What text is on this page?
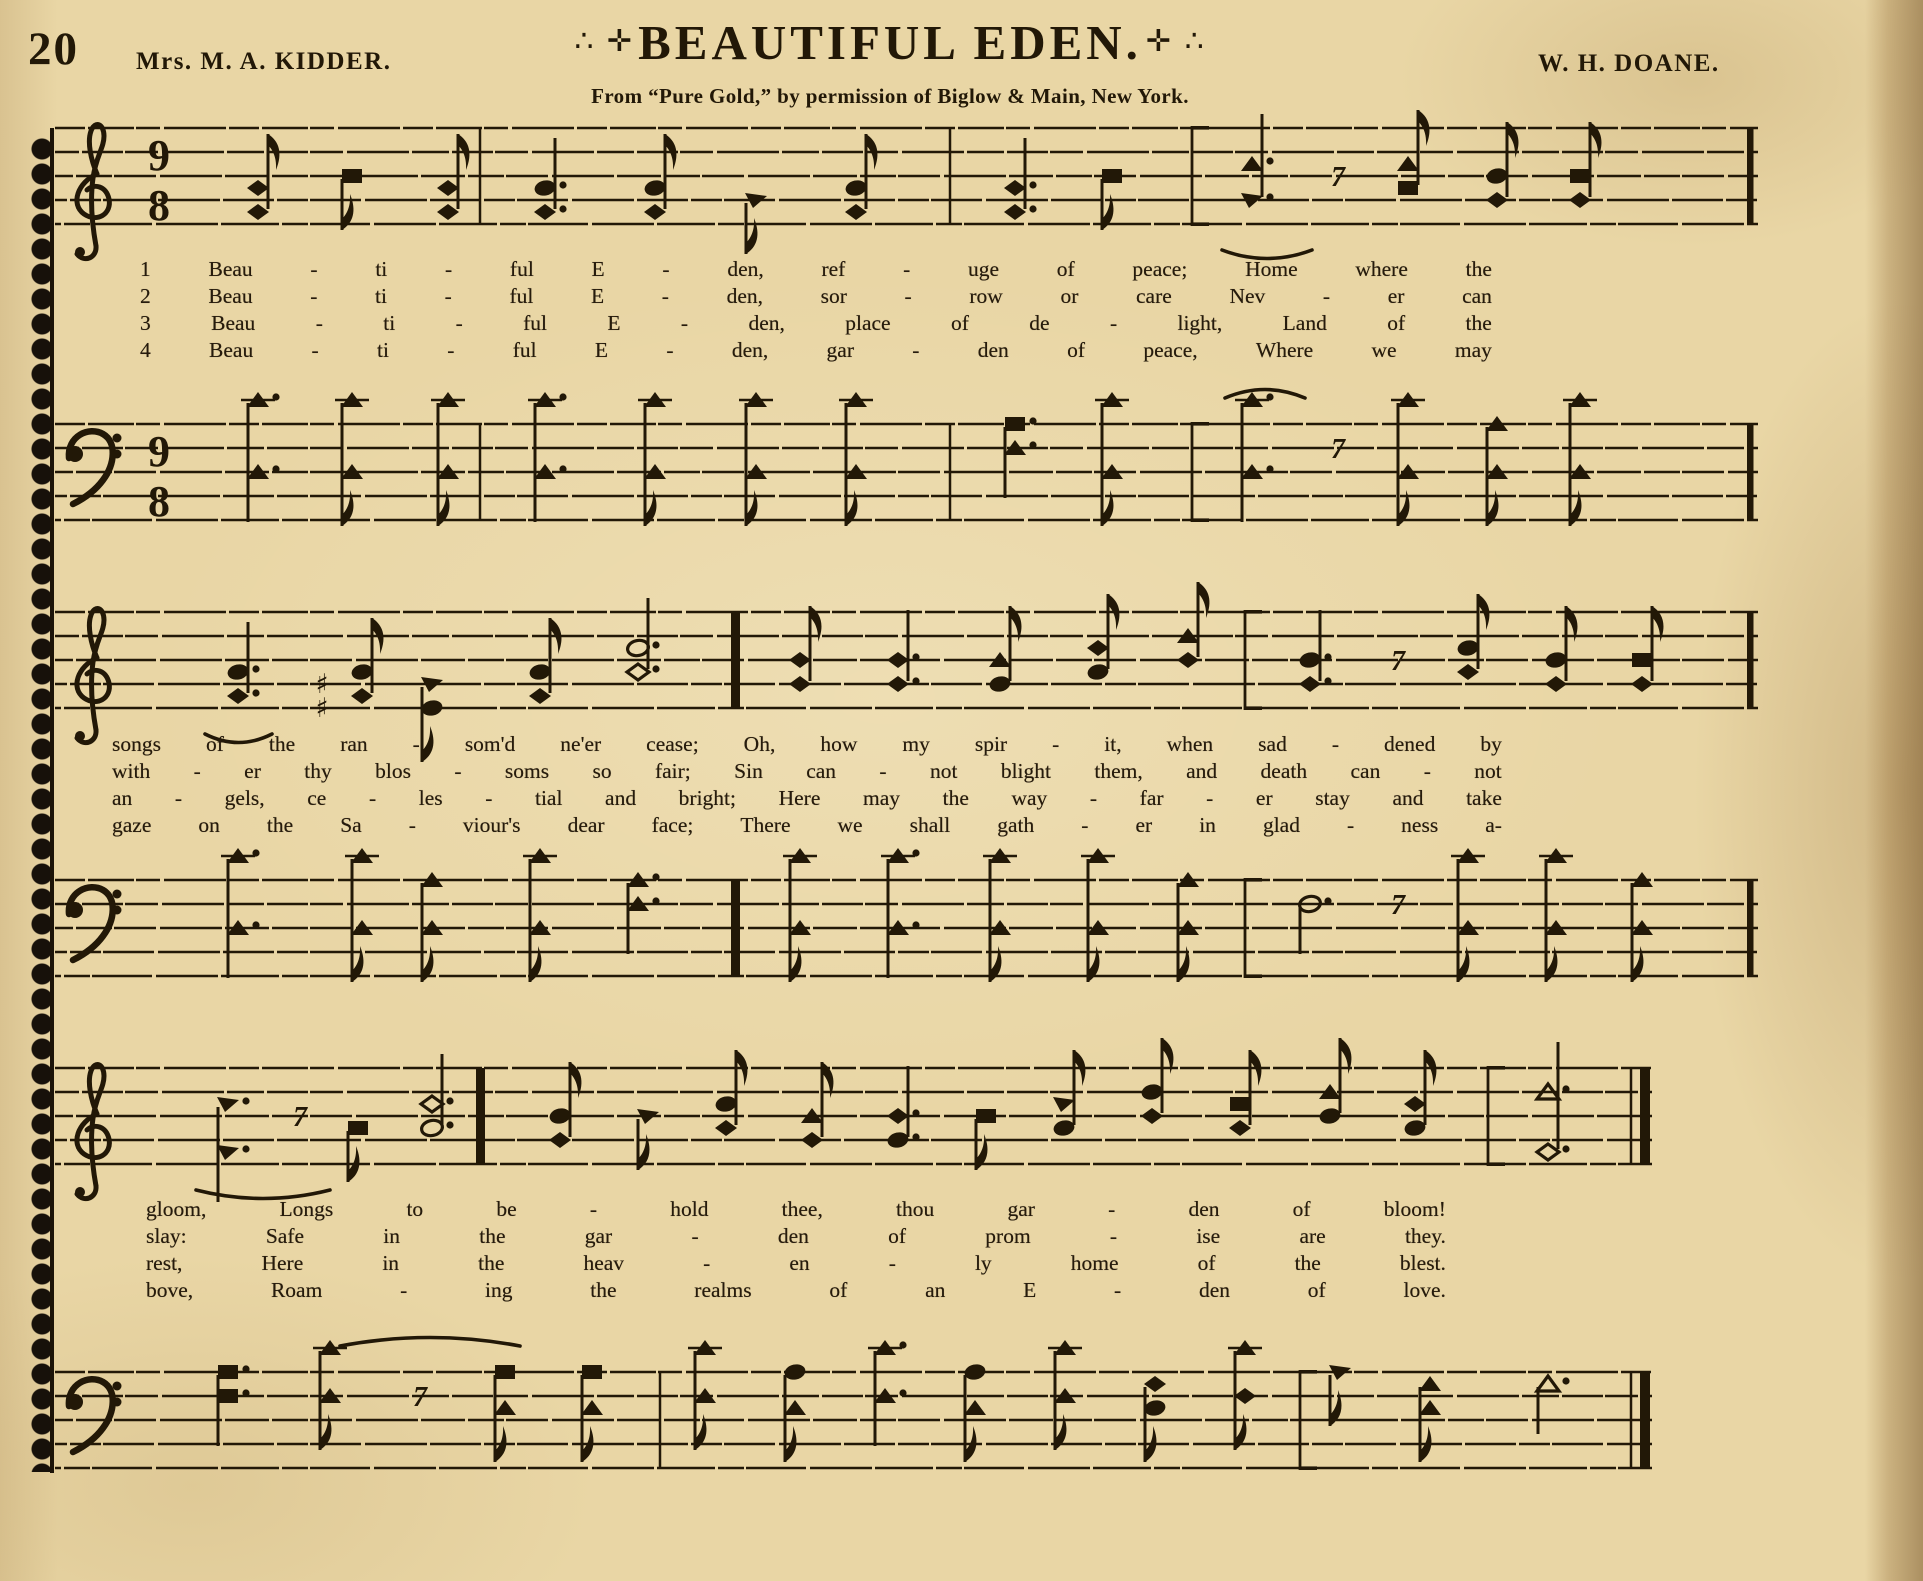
20 Mrs. M. A. KIDDER.
∴ ✛BEAUTIFUL EDEN. ✛ ∴
From “Pure Gold,” by permission of Biglow & Main, New York.
W. H. DOANE.
9
8
7
9
8
7
♯
♯
7
7
7
7
1	Beau	-	ti	-	ful	E	-	den,	ref	-	uge	of	peace;	Home	where	the
2	Beau	-	ti	-	ful	E	-	den,	sor	-	row	or	care	Nev	-	er	can
3	Beau	-	ti	-	ful	E	-	den,	place	of	de	-	light,	Land	of	the
4	Beau	-	ti	-	ful	E	-	den,	gar	-	den	of	peace,	Where	we	may
songs of the ran - som'd ne'er cease; Oh, how my spir - it, when sad - dened by
with - er thy blos - soms so fair; Sin can - not blight them, and death can - not
an - gels, ce - les - tial and bright; Here may the way - far - er stay and take
gaze on the Sa - viour's dear face; There we shall gath - er in glad - ness a-
gloom,	Longs	to	be	-	hold	thee,	thou	gar	-	den	of	bloom!
slay:	Safe	in	the	gar	-	den	of	prom	-	ise	are	they.
rest,	Here	in	the	heav	-	en	-	ly	home	of	the	blest.
bove,	Roam	-	ing	the	realms	of	an	E	-	den	of	love.
